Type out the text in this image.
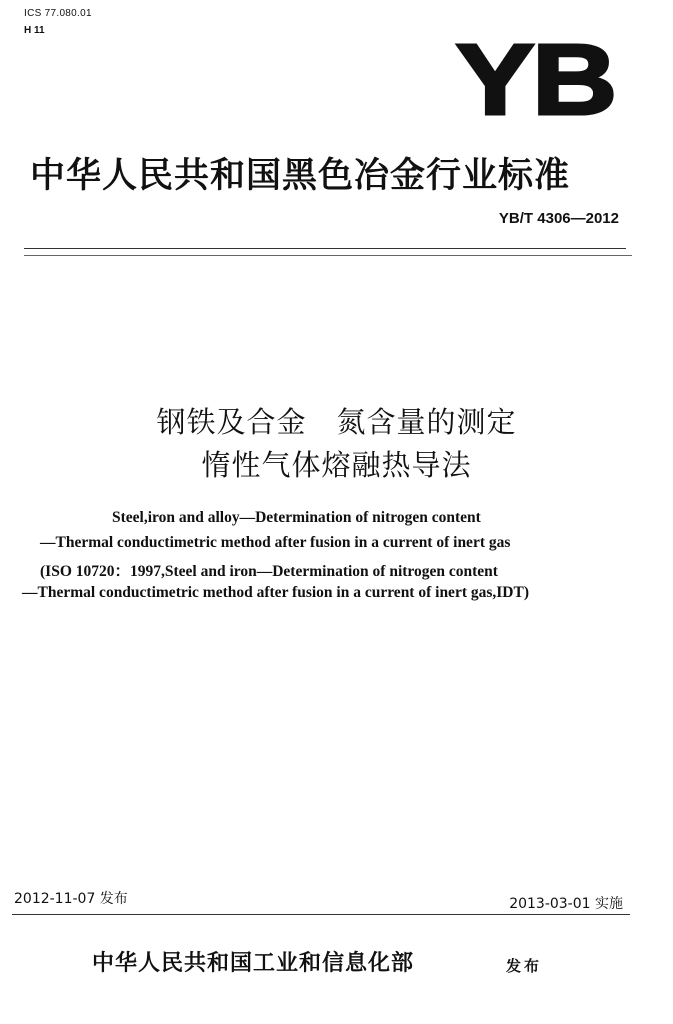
ICS 77.080.01
H 11	YB
中华人民共和国黑色冶金行业标准
YB/T 4306—2012
钢铁及合金　氮含量的测定
惰性气体熔融热导法
Steel,iron and alloy—Determination of nitrogen content
—Thermal conductimetric method after fusion in a current of inert gas
(ISO 10720：1997,Steel and iron—Determination of nitrogen content
—Thermal conductimetric method after fusion in a current of inert gas,IDT)
2012-11-07 发布	2013-03-01 实施
中华人民共和国工业和信息化部	发布
